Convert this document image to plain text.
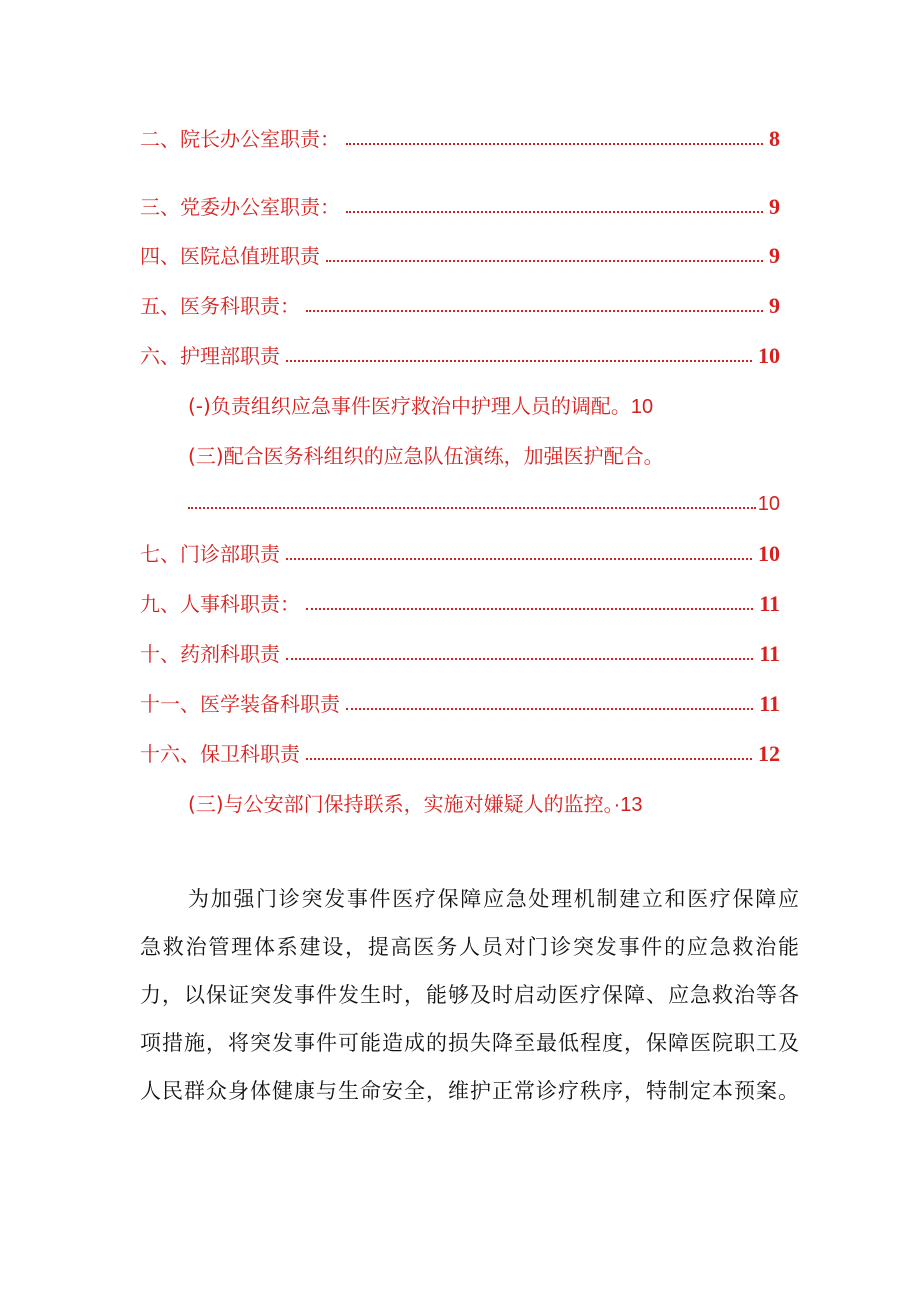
二、院长办公室职责：	8
三、党委办公室职责：	9
四、医院总值班职责	9
五、医务科职责：	9
六、护理部职责	10
(-)负责组织应急事件医疗救治中护理人员的调配。10
(三)配合医务科组织的应急队伍演练，加强医护配合。
10
七、门诊部职责	10
九、人事科职责：	11
十、药剂科职责	11
十一、医学装备科职责	11
十六、保卫科职责	12
(三)与公安部门保持联系，实施对嫌疑人的监控。·13

为加强门诊突发事件医疗保障应急处理机制建立和医疗保障应急救治管理体系建设，提高医务人员对门诊突发事件的应急救治能力，以保证突发事件发生时，能够及时启动医疗保障、应急救治等各项措施，将突发事件可能造成的损失降至最低程度，保障医院职工及人民群众身体健康与生命安全，维护正常诊疗秩序，特制定本预案。
